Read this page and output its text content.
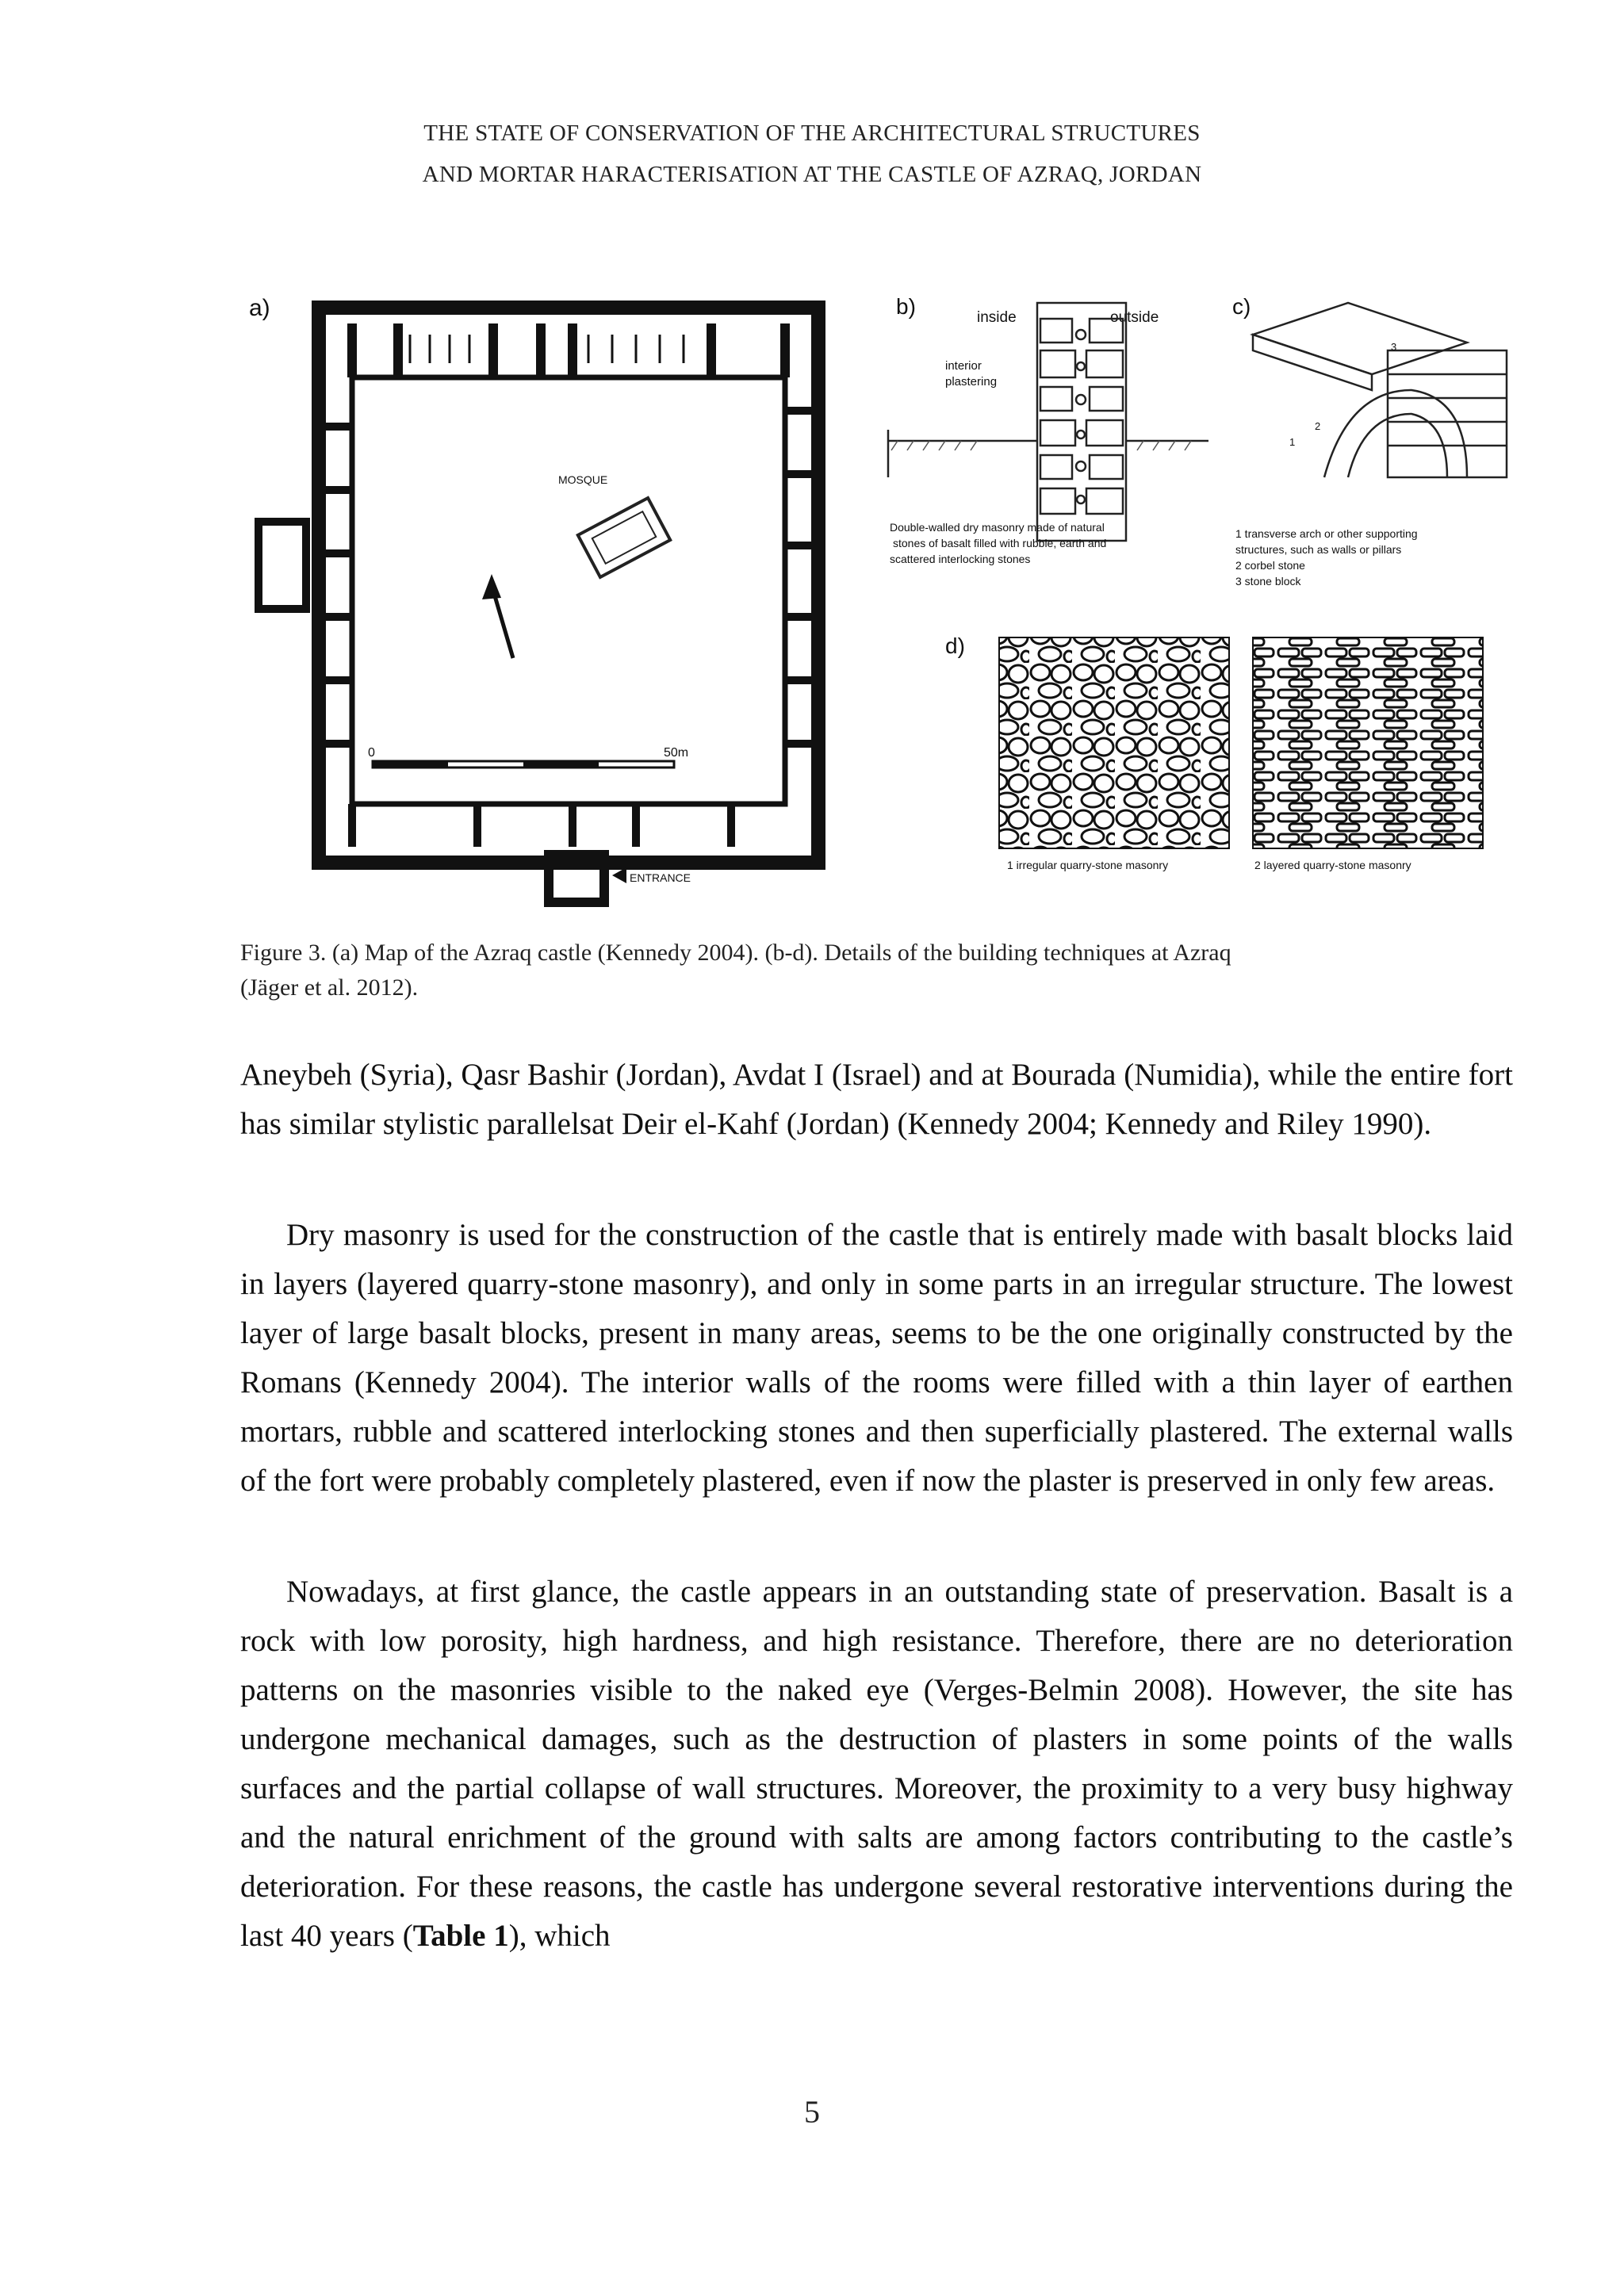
THE STATE OF CONSERVATION OF THE ARCHITECTURAL STRUCTURES
AND MORTAR HARACTERISATION AT THE CASTLE OF AZRAQ, JORDAN
a)
MOSQUE
0	50m
ENTRANCE
b)	inside	outside
interior
plastering
Double-walled dry masonry made of natural
stones of basalt filled with rubble, earth and
scattered interlocking stones
c)
3
2
1
1 transverse arch or other supporting
structures, such as walls or pillars
2 corbel stone
3 stone block
d)
1 irregular quarry-stone masonry	2 layered quarry-stone masonry
Figure 3. (a) Map of the Azraq castle (Kennedy 2004). (b-d). Details of the building techniques at Azraq
(Jäger et al. 2012).

Aneybeh (Syria), Qasr Bashir (Jordan), Avdat I (Israel) and at Bourada (Numidia), while the entire fort has similar stylistic parallelsat Deir el-Kahf (Jordan) (Kennedy 2004; Kennedy and Riley 1990).

Dry masonry is used for the construction of the castle that is entirely made with basalt blocks laid in layers (layered quarry-stone masonry), and only in some parts in an irregular structure. The lowest layer of large basalt blocks, present in many areas, seems to be the one originally constructed by the Romans (Kennedy 2004). The interior walls of the rooms were filled with a thin layer of earthen mortars, rubble and scattered interlocking stones and then superficially plastered. The external walls of the fort were probably completely plastered, even if now the plaster is preserved in only few areas.

Nowadays, at first glance, the castle appears in an outstanding state of preservation. Basalt is a rock with low porosity, high hardness, and high resistance. Therefore, there are no deterioration patterns on the masonries visible to the naked eye (Verges-Belmin 2008). However, the site has undergone mechanical damages, such as the destruction of plasters in some points of the walls surfaces and the partial collapse of wall structures. Moreover, the proximity to a very busy highway and the natural enrichment of the ground with salts are among factors contributing to the castle’s deterioration. For these reasons, the castle has undergone several restorative interventions during the last 40 years (Table 1), which

5
